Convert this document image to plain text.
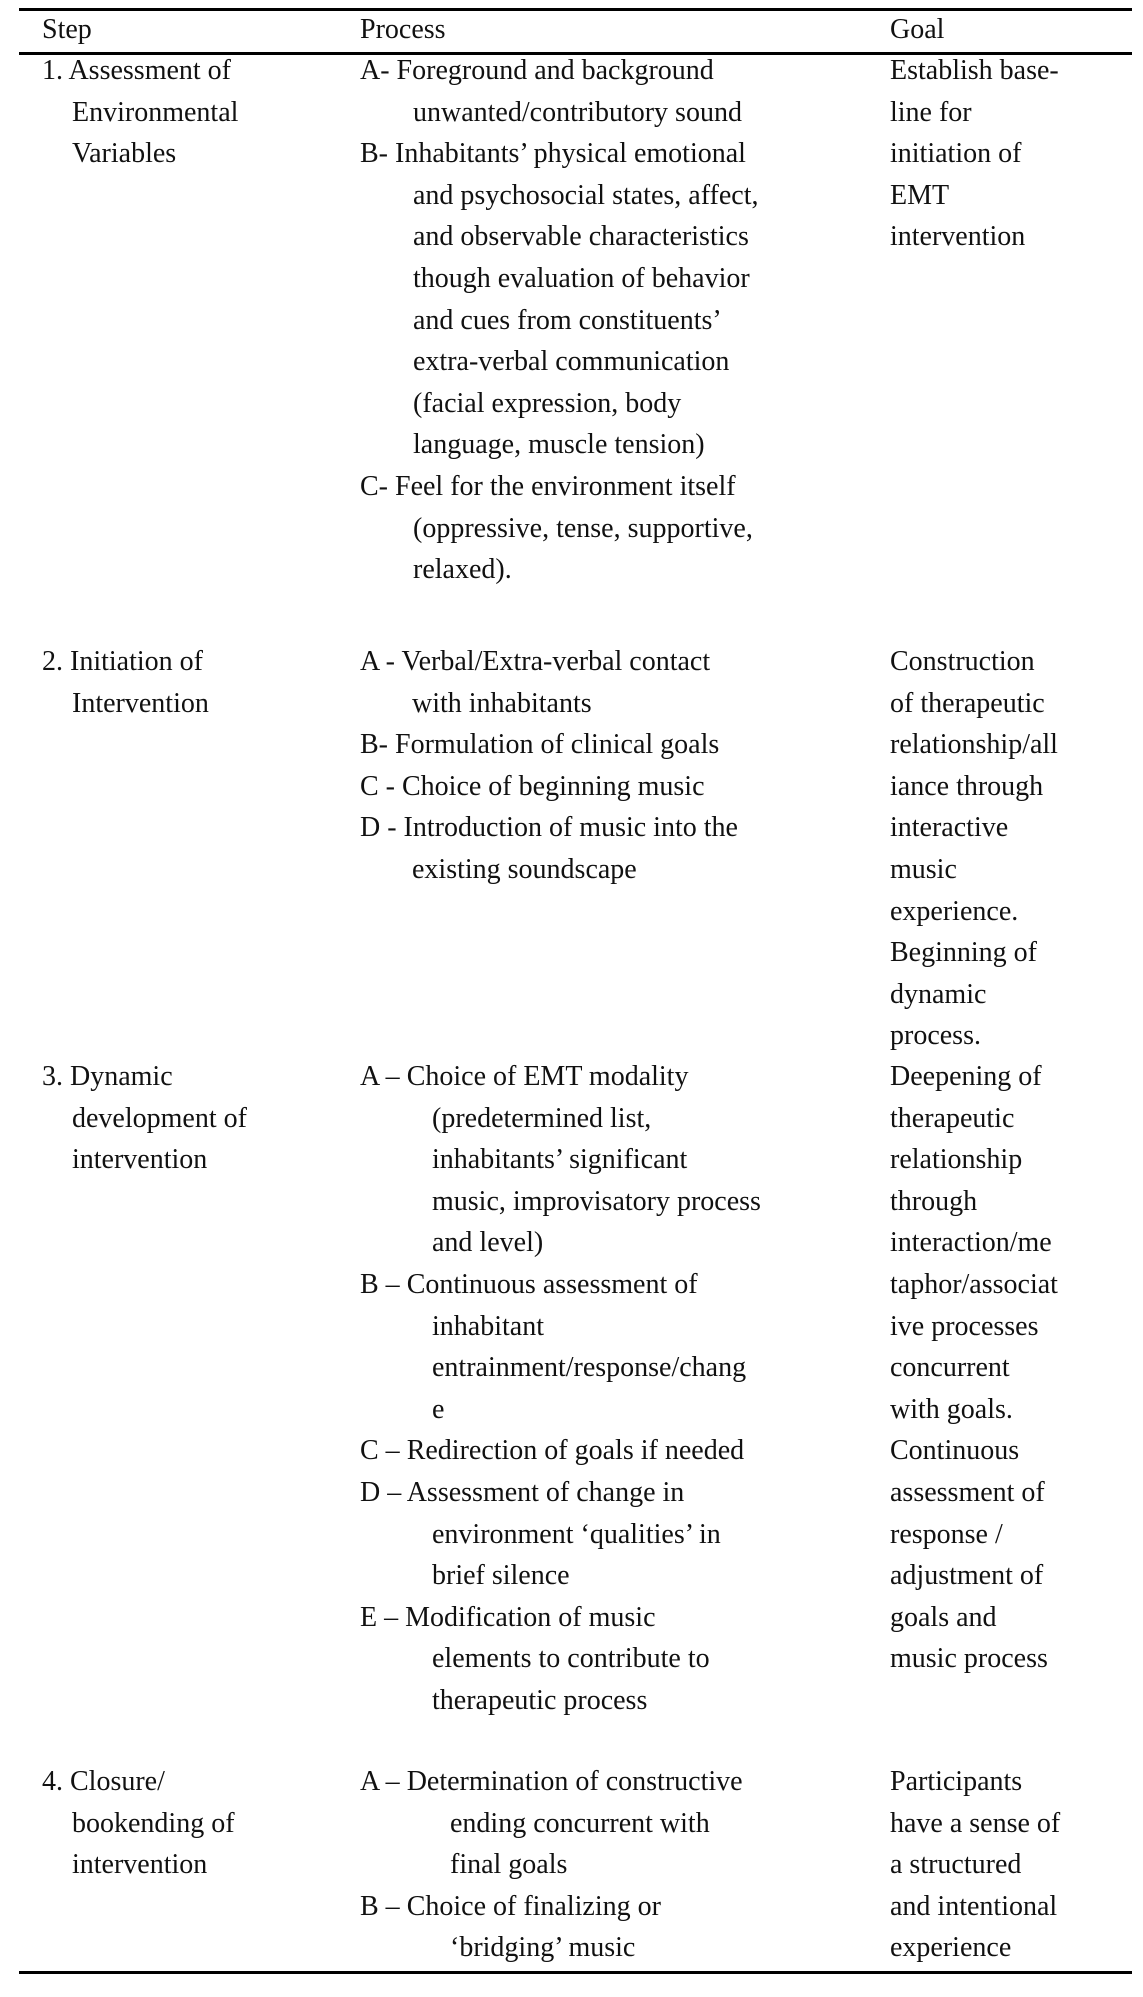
Step	Process	Goal
1. Assessment of
Environmental
Variables
A- Foreground and background
unwanted/contributory sound
B- Inhabitants’ physical emotional
and psychosocial states, affect,
and observable characteristics
though evaluation of behavior
and cues from constituents’
extra-verbal communication
(facial expression, body
language, muscle tension)
C- Feel for the environment itself
(oppressive, tense, supportive,
relaxed).
Establish base-
line for
initiation of
EMT
intervention
2. Initiation of
Intervention
A - Verbal/Extra-verbal contact
with inhabitants
B- Formulation of clinical goals
C - Choice of beginning music
D - Introduction of music into the
existing soundscape
Construction
of therapeutic
relationship/all
iance through
interactive
music
experience.
Beginning of
dynamic
process.
3. Dynamic
development of
intervention
A – Choice of EMT modality
(predetermined list,
inhabitants’ significant
music, improvisatory process
and level)
B – Continuous assessment of
inhabitant
entrainment/response/chang
e
C – Redirection of goals if needed
D – Assessment of change in
environment ‘qualities’ in
brief silence
E – Modification of music
elements to contribute to
therapeutic process
Deepening of
therapeutic
relationship
through
interaction/me
taphor/associat
ive processes
concurrent
with goals.
Continuous
assessment of
response /
adjustment of
goals and
music process
4. Closure/
bookending of
intervention
A – Determination of constructive
ending concurrent with
final goals
B – Choice of finalizing or
‘bridging’ music
Participants
have a sense of
a structured
and intentional
experience
